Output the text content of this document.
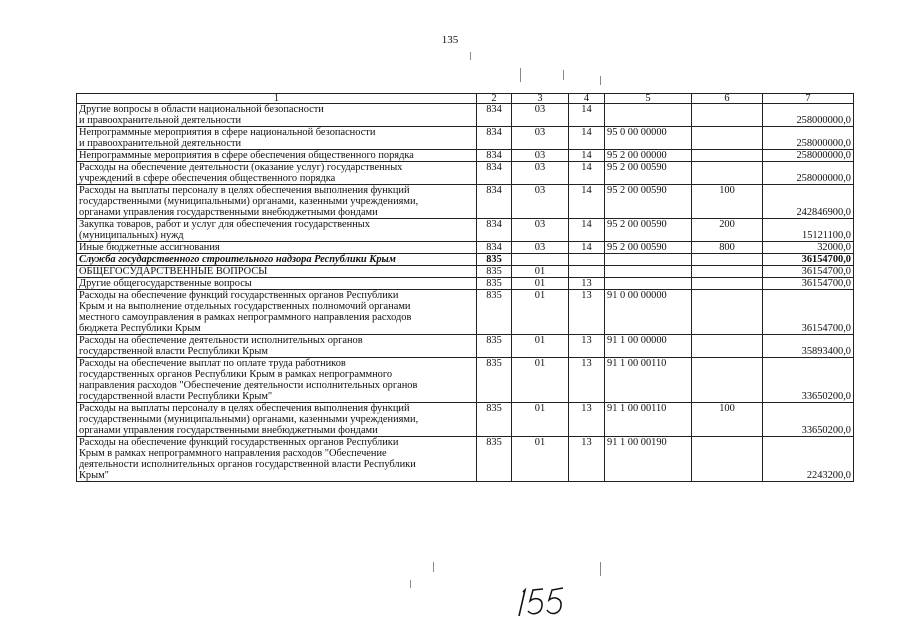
135
1	2	3	4	5	6	7
Другие вопросы в области национальной безопасности
и правоохранительной деятельности	834	03	14			258000000,0
Непрограммные мероприятия в сфере национальной безопасности
и правоохранительной деятельности	834	03	14	95 0 00 00000		258000000,0
Непрограммные мероприятия в сфере обеспечения общественного порядка	834	03	14	95 2 00 00000		258000000,0
Расходы на обеспечение деятельности (оказание услуг) государственных
учреждений в сфере обеспечения общественного порядка	834	03	14	95 2 00 00590		258000000,0
Расходы на выплаты персоналу в целях обеспечения выполнения функций
государственными (муниципальными) органами, казенными учреждениями,
органами управления государственными внебюджетными фондами	834	03	14	95 2 00 00590	100	242846900,0
Закупка товаров, работ и услуг для обеспечения государственных
(муниципальных) нужд	834	03	14	95 2 00 00590	200	15121100,0
Иные бюджетные ассигнования	834	03	14	95 2 00 00590	800	32000,0
Служба государственного строительного надзора Республики Крым	835					36154700,0
ОБЩЕГОСУДАРСТВЕННЫЕ ВОПРОСЫ	835	01				36154700,0
Другие общегосударственные вопросы	835	01	13			36154700,0
Расходы на обеспечение функций государственных органов Республики
Крым и на выполнение отдельных государственных полномочий органами
местного самоуправления в рамках непрограммного направления расходов
бюджета Республики Крым	835	01	13	91 0 00 00000		36154700,0
Расходы на обеспечение деятельности исполнительных органов
государственной власти Республики Крым	835	01	13	91 1 00 00000		35893400,0
Расходы на обеспечение выплат по оплате труда работников
государственных органов Республики Крым в рамках непрограммного
направления расходов "Обеспечение деятельности исполнительных органов
государственной власти Республики Крым"	835	01	13	91 1 00 00110		33650200,0
Расходы на выплаты персоналу в целях обеспечения выполнения функций
государственными (муниципальными) органами, казенными учреждениями,
органами управления государственными внебюджетными фондами	835	01	13	91 1 00 00110	100	33650200,0
Расходы на обеспечение функций государственных органов Республики
Крым в рамках непрограммного направления расходов "Обеспечение
деятельности исполнительных органов государственной власти Республики
Крым"	835	01	13	91 1 00 00190		2243200,0
